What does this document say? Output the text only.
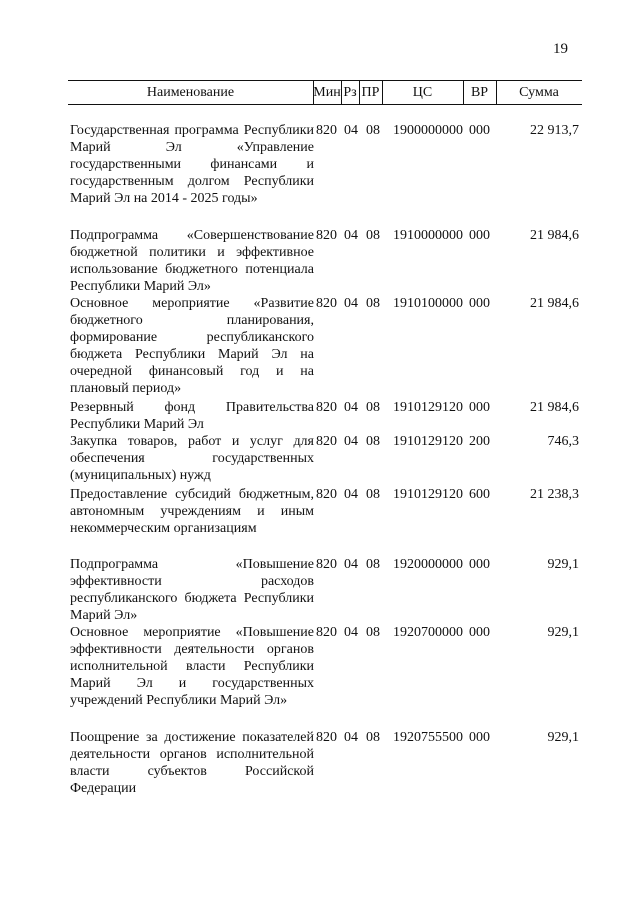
19
Наименование	Мин Рз ПР	ЦС	ВР	Сумма
Государственная программа Республики Марий Эл «Управление государственными финансами и государственным долгом Республики Марий Эл на 2014 - 2025 годы»
820 04 08 1900000000 000	22 913,7
Подпрограмма «Совершенствование бюджетной политики и эффективное использование бюджетного потенциала Республики Марий Эл»
820 04 08 1910000000 000	21 984,6
Основное мероприятие «Развитие бюджетного планирования, формирование республиканского бюджета Республики Марий Эл на очередной финансовый год и на плановый период»
820 04 08 1910100000 000	21 984,6
Резервный фонд Правительства Республики Марий Эл
820 04 08 1910129120 000	21 984,6
Закупка товаров, работ и услуг для обеспечения государственных (муниципальных) нужд
820 04 08 1910129120 200	746,3
Предоставление субсидий бюджетным, автономным учреждениям и иным некоммерческим организациям
820 04 08 1910129120 600	21 238,3
Подпрограмма «Повышение эффективности расходов республиканского бюджета Республики Марий Эл»
820 04 08 1920000000 000	929,1
Основное мероприятие «Повышение эффективности деятельности органов исполнительной власти Республики Марий Эл и государственных учреждений Республики Марий Эл»
820 04 08 1920700000 000	929,1
Поощрение за достижение показателей деятельности органов исполнительной власти субъектов Российской Федерации
820 04 08 1920755500 000	929,1
